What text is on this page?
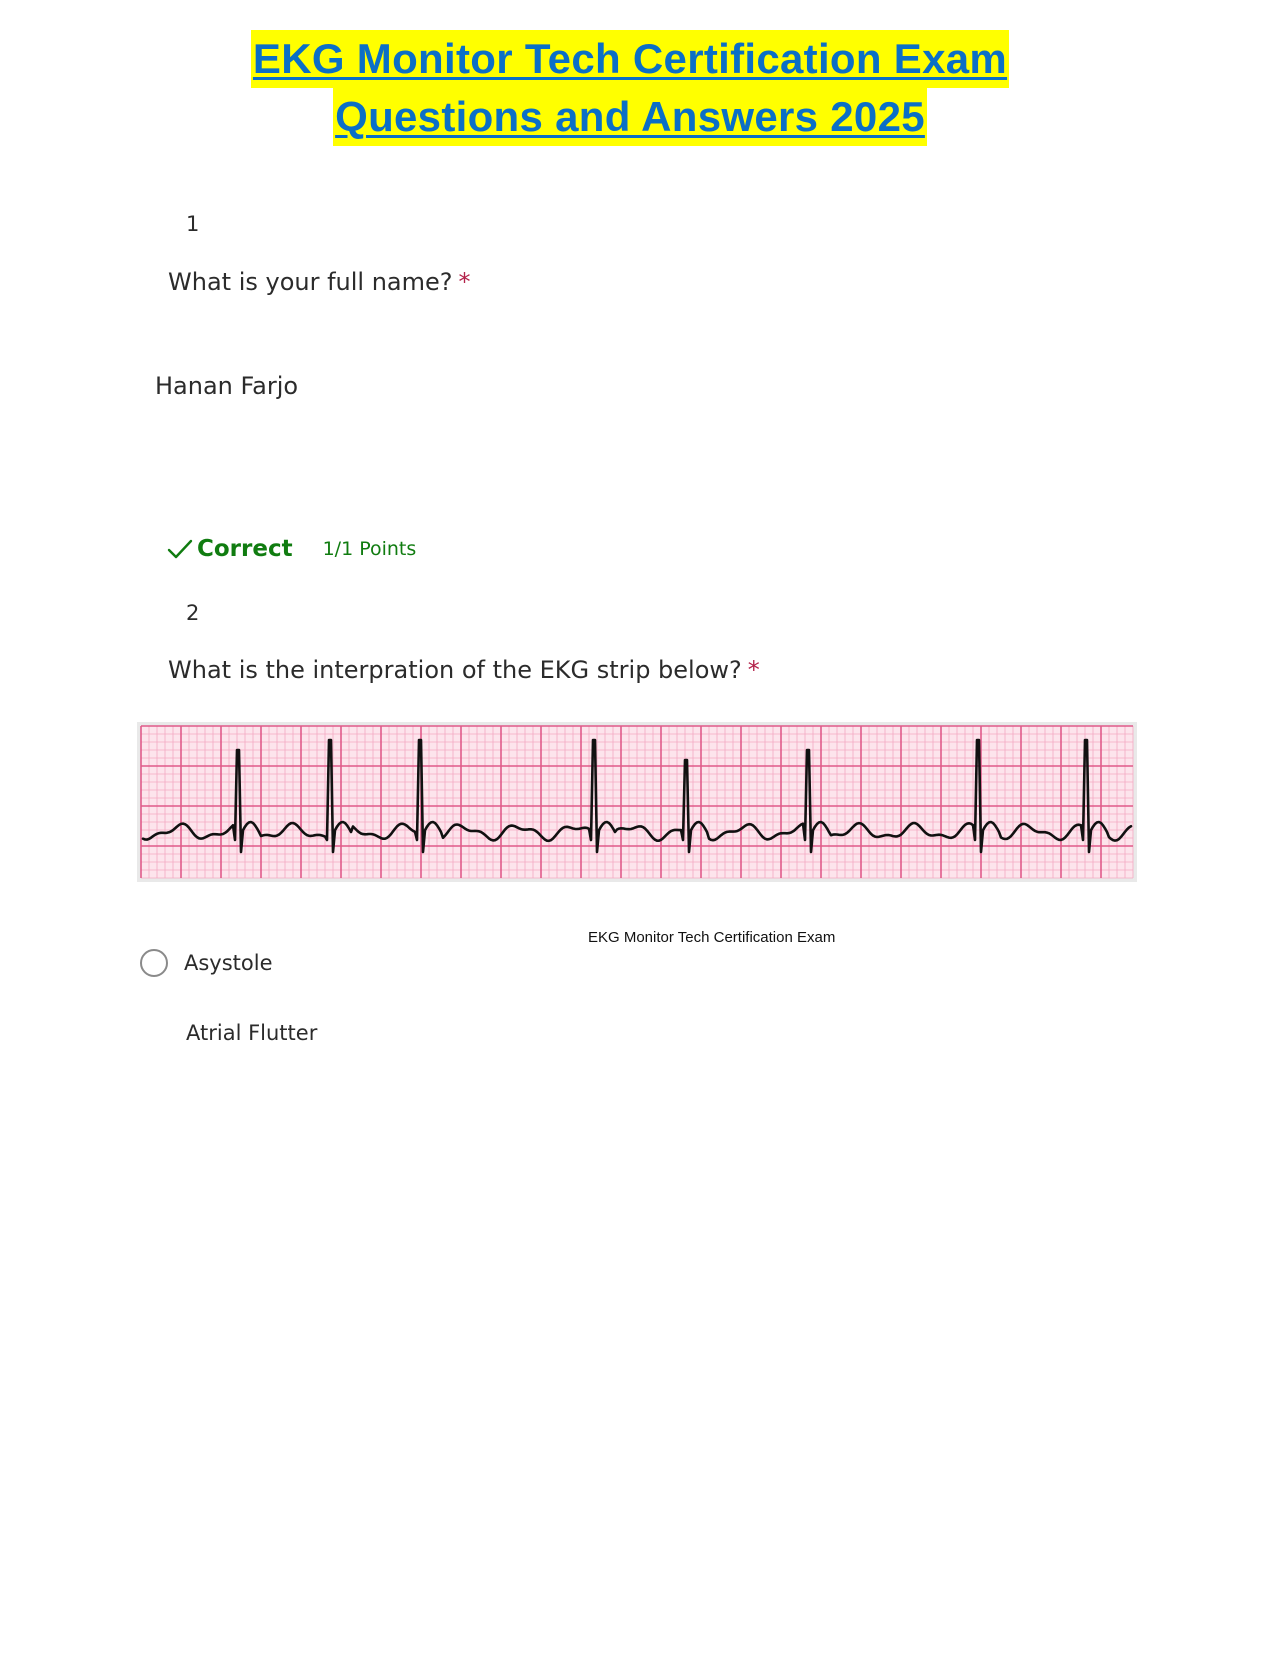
EKG Monitor Tech Certification Exam
Questions and Answers 2025
1
What is your full name? *
Hanan Farjo
Correct 1/1 Points
2
What is the interpration of the EKG strip below? *
EKG Monitor Tech Certification Exam
Asystole
Atrial Flutter
